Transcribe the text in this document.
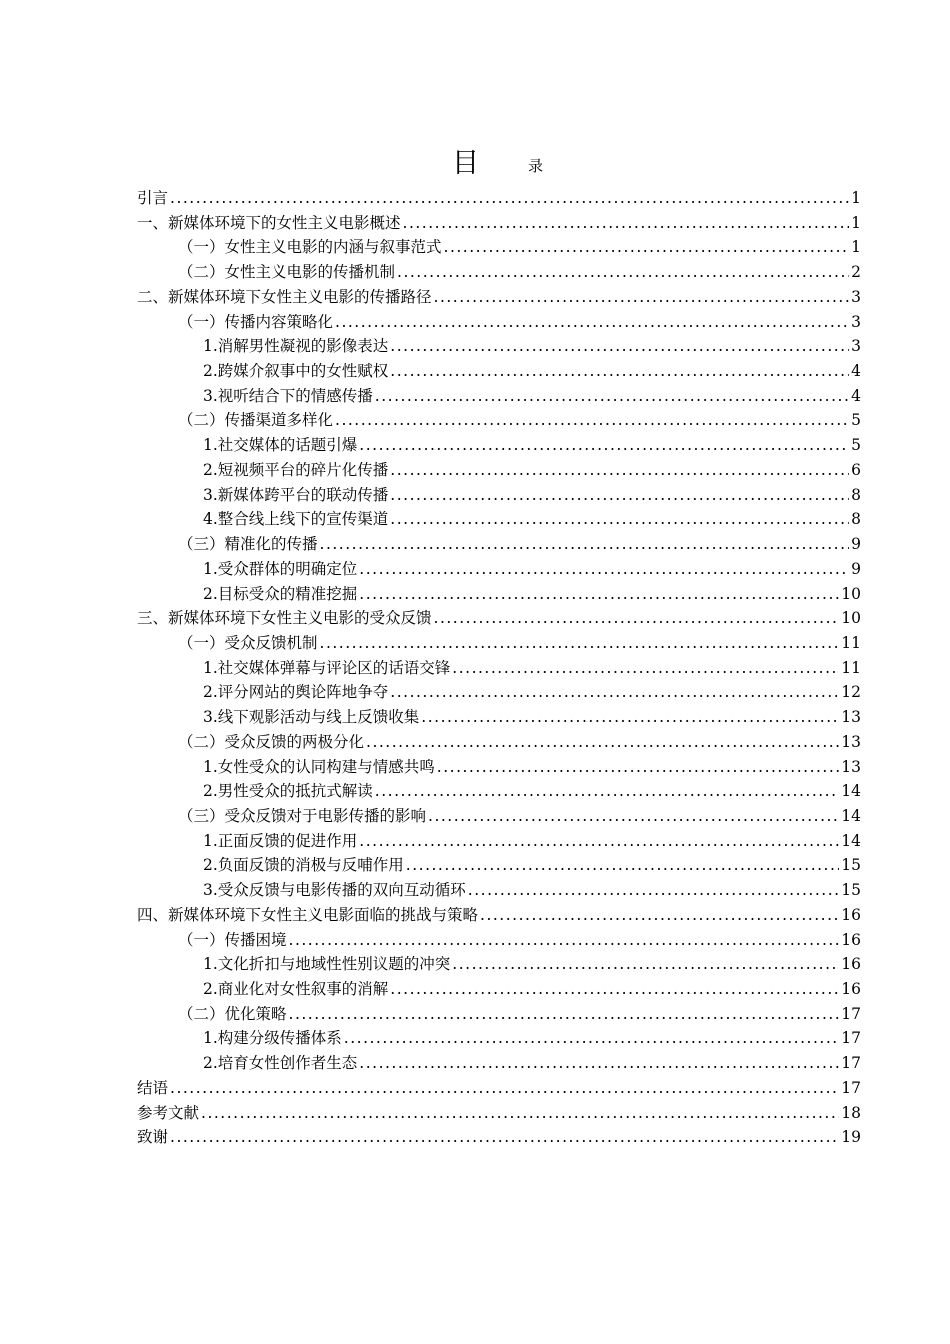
目	录
引言 .....	1
一、 新媒体环境下的女性主义电影概述 .....	1
（一）女性主义电影的内涵与叙事范式 .....	1
（二）女性主义电影的传播机制 .....	2
二、 新媒体环境下女性主义电影的传播路径 .....	3
（一）传播内容策略化 .....	3
1.消解男性凝视的影像表达 .....	3
2.跨媒介叙事中的女性赋权 .....	4
3.视听结合下的情感传播 .....	4
（二）传播渠道多样化 .....	5
1.社交媒体的话题引爆 .....	5
2.短视频平台的碎片化传播 .....	6
3.新媒体跨平台的联动传播 .....	8
4.整合线上线下的宣传渠道 .....	8
（三）精准化的传播 .....	9
1.受众群体的明确定位 .....	9
2.目标受众的精准挖掘 .....	10
三、 新媒体环境下女性主义电影的受众反馈 .....	10
（一）受众反馈机制 .....	11
1.社交媒体弹幕与评论区的话语交锋 .....	11
2.评分网站的舆论阵地争夺 .....	12
3.线下观影活动与线上反馈收集 .....	13
（二）受众反馈的两极分化 .....	13
1.女性受众的认同构建与情感共鸣 .....	13
2.男性受众的抵抗式解读 .....	14
（三）受众反馈对于电影传播的影响 .....	14
1.正面反馈的促进作用 .....	14
2.负面反馈的消极与反哺作用 .....	15
3.受众反馈与电影传播的双向互动循环 .....	15
四、 新媒体环境下女性主义电影面临的挑战与策略 .....	16
（一）传播困境 .....	16
1.文化折扣与地域性性别议题的冲突 .....	16
2.商业化对女性叙事的消解 .....	16
（二）优化策略 .....	17
1.构建分级传播体系 .....	17
2.培育女性创作者生态 .....	17
结语 .....	17
参考文献 .....	18
致谢 .....	19
